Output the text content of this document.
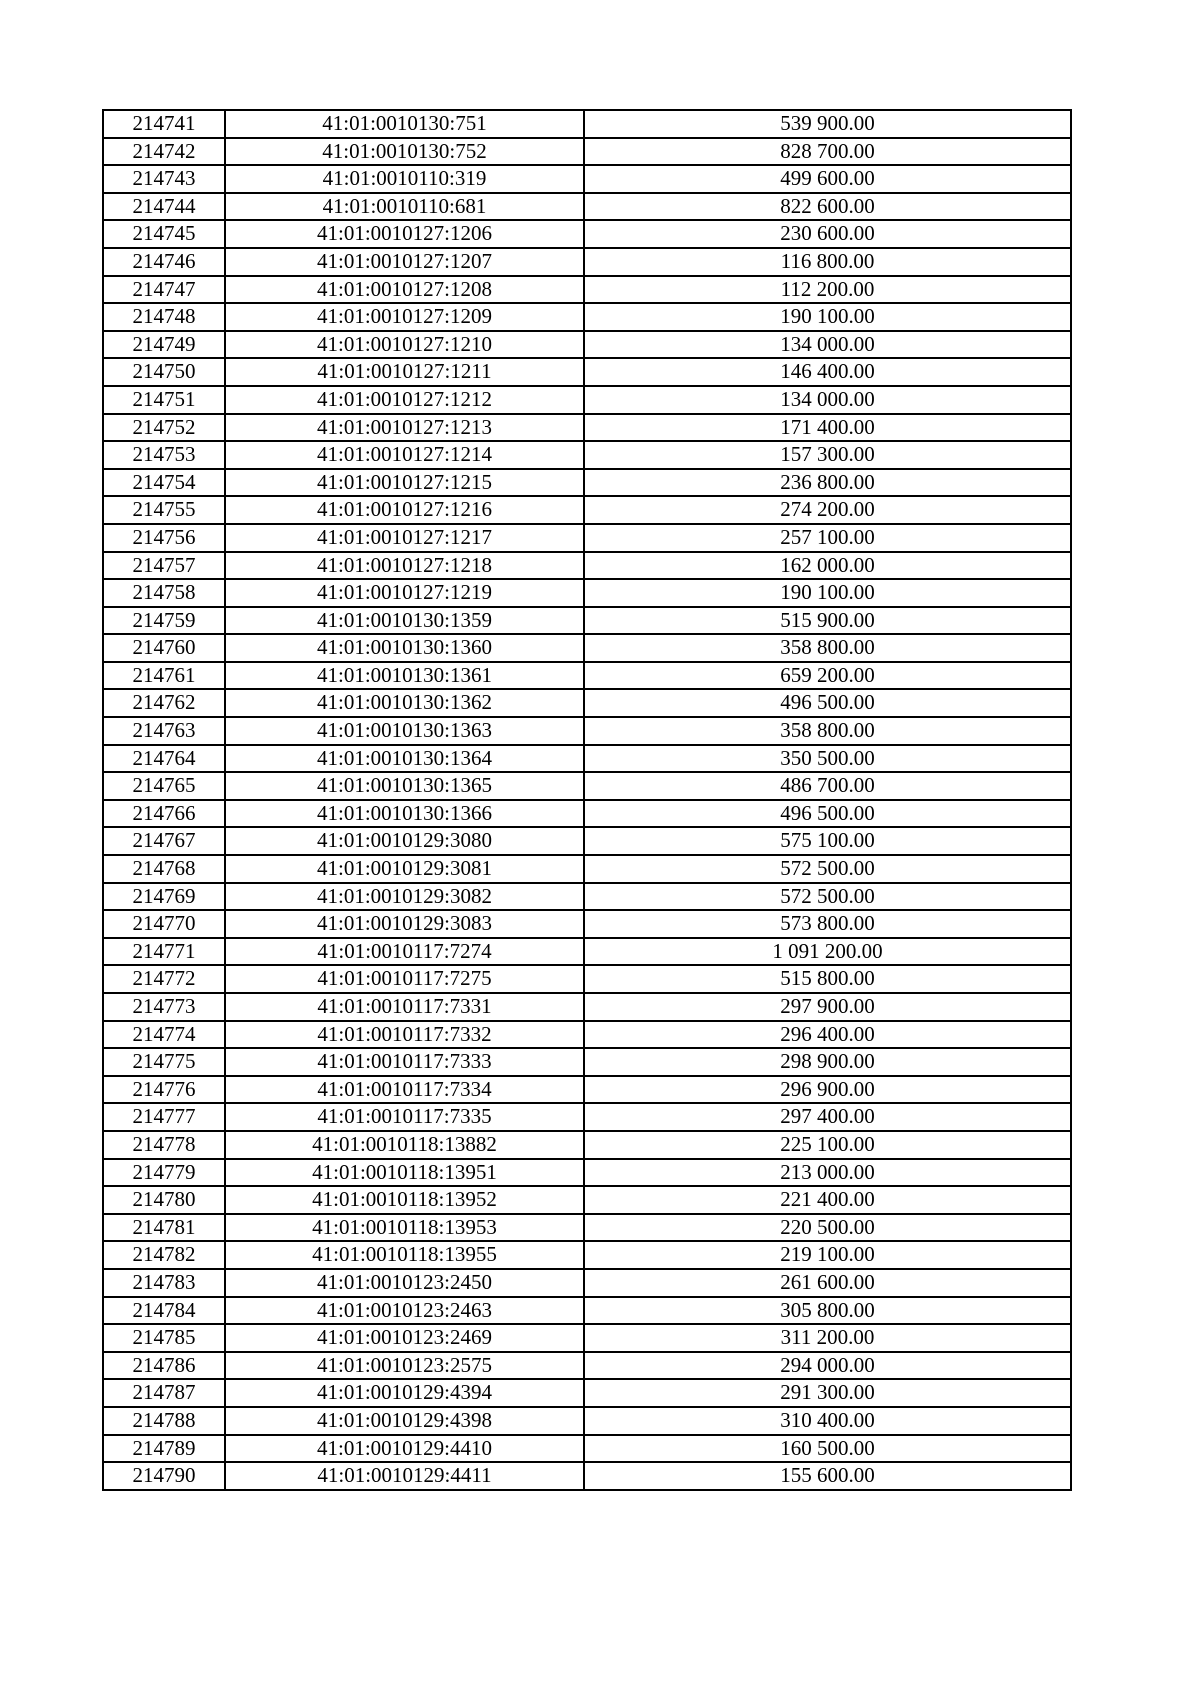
214741	41:01:0010130:751	539 900.00
214742	41:01:0010130:752	828 700.00
214743	41:01:0010110:319	499 600.00
214744	41:01:0010110:681	822 600.00
214745	41:01:0010127:1206	230 600.00
214746	41:01:0010127:1207	116 800.00
214747	41:01:0010127:1208	112 200.00
214748	41:01:0010127:1209	190 100.00
214749	41:01:0010127:1210	134 000.00
214750	41:01:0010127:1211	146 400.00
214751	41:01:0010127:1212	134 000.00
214752	41:01:0010127:1213	171 400.00
214753	41:01:0010127:1214	157 300.00
214754	41:01:0010127:1215	236 800.00
214755	41:01:0010127:1216	274 200.00
214756	41:01:0010127:1217	257 100.00
214757	41:01:0010127:1218	162 000.00
214758	41:01:0010127:1219	190 100.00
214759	41:01:0010130:1359	515 900.00
214760	41:01:0010130:1360	358 800.00
214761	41:01:0010130:1361	659 200.00
214762	41:01:0010130:1362	496 500.00
214763	41:01:0010130:1363	358 800.00
214764	41:01:0010130:1364	350 500.00
214765	41:01:0010130:1365	486 700.00
214766	41:01:0010130:1366	496 500.00
214767	41:01:0010129:3080	575 100.00
214768	41:01:0010129:3081	572 500.00
214769	41:01:0010129:3082	572 500.00
214770	41:01:0010129:3083	573 800.00
214771	41:01:0010117:7274	1 091 200.00
214772	41:01:0010117:7275	515 800.00
214773	41:01:0010117:7331	297 900.00
214774	41:01:0010117:7332	296 400.00
214775	41:01:0010117:7333	298 900.00
214776	41:01:0010117:7334	296 900.00
214777	41:01:0010117:7335	297 400.00
214778	41:01:0010118:13882	225 100.00
214779	41:01:0010118:13951	213 000.00
214780	41:01:0010118:13952	221 400.00
214781	41:01:0010118:13953	220 500.00
214782	41:01:0010118:13955	219 100.00
214783	41:01:0010123:2450	261 600.00
214784	41:01:0010123:2463	305 800.00
214785	41:01:0010123:2469	311 200.00
214786	41:01:0010123:2575	294 000.00
214787	41:01:0010129:4394	291 300.00
214788	41:01:0010129:4398	310 400.00
214789	41:01:0010129:4410	160 500.00
214790	41:01:0010129:4411	155 600.00
